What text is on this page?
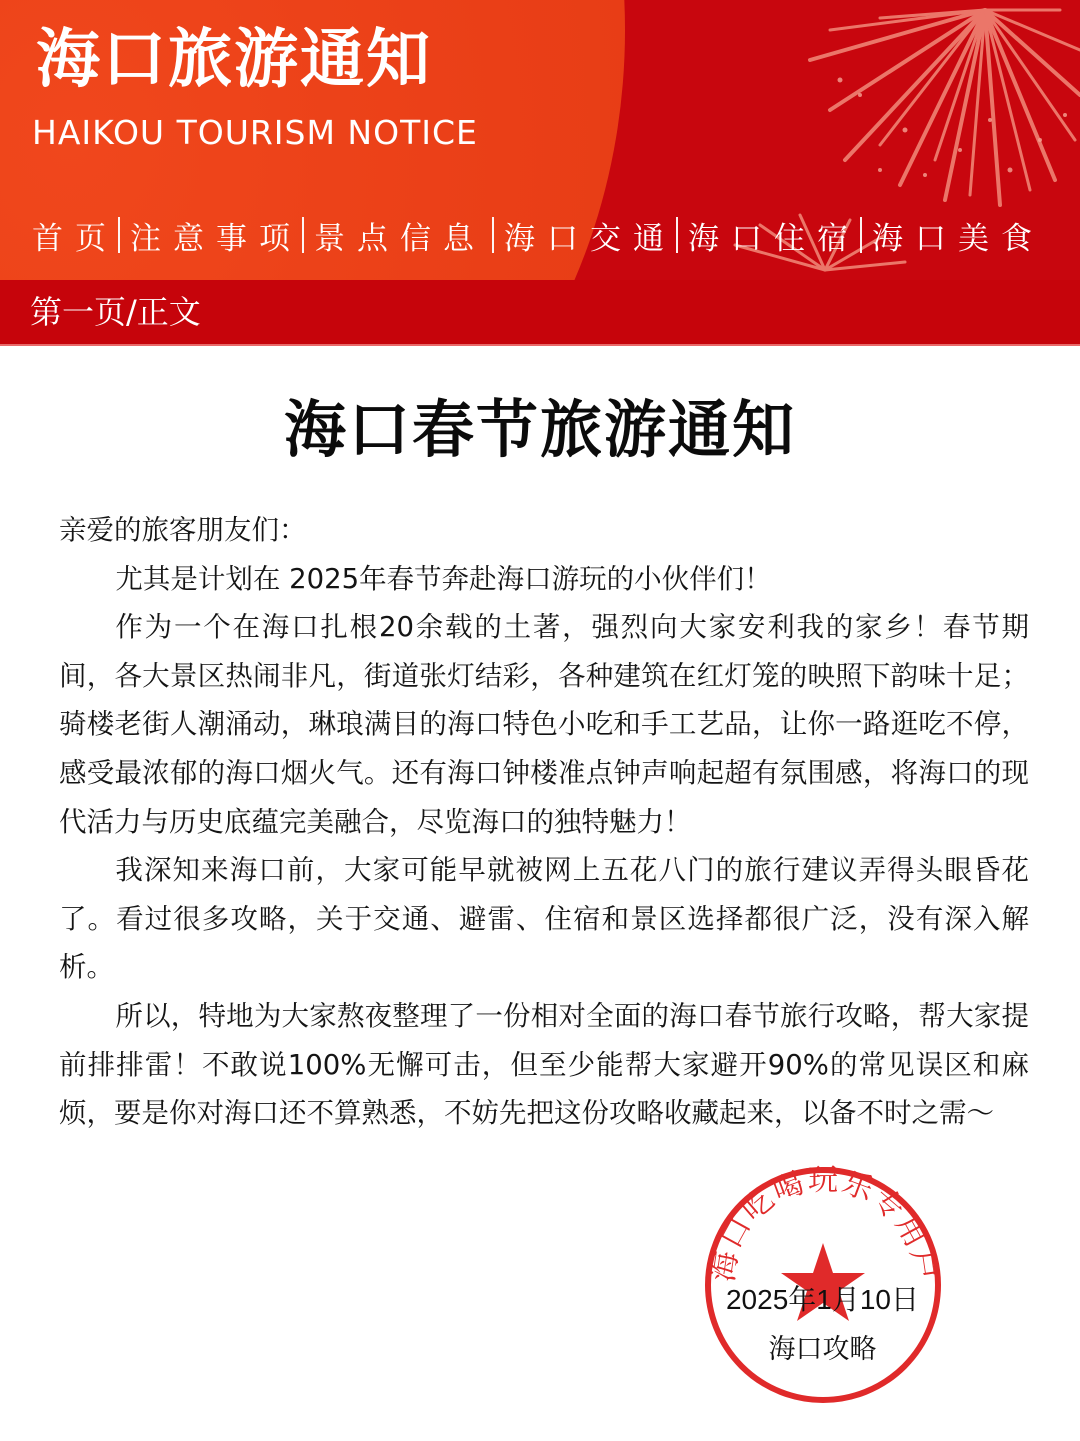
海口旅游通知
HAIKOU TOURISM NOTICE
首页 注意事项 景点信息 海口交通 海口住宿 海口美食
第一页/正文
海口春节旅游通知

亲爱的旅客朋友们：

尤其是计划在 2025年春节奔赴海口游玩的小伙伴们！

作为一个在海口扎根20余载的土著，强烈向大家安利我的家乡！春节期间，各大景区热闹非凡，街道张灯结彩，各种建筑在红灯笼的映照下韵味十足；骑楼老街人潮涌动，琳琅满目的海口特色小吃和手工艺品，让你一路逛吃不停，感受最浓郁的海口烟火气。还有海口钟楼准点钟声响起超有氛围感，将海口的现代活力与历史底蕴完美融合，尽览海口的独特魅力！

我深知来海口前，大家可能早就被网上五花八门的旅行建议弄得头眼昏花了。看过很多攻略，关于交通、避雷、住宿和景区选择都很广泛，没有深入解析。

所以，特地为大家熬夜整理了一份相对全面的海口春节旅行攻略，帮大家提前排排雷！不敢说100%无懈可击，但至少能帮大家避开90%的常见误区和麻烦，要是你对海口还不算熟悉，不妨先把这份攻略收藏起来，以备不时之需～

海口吃喝玩乐专用户
2025年1月10日
海口攻略
